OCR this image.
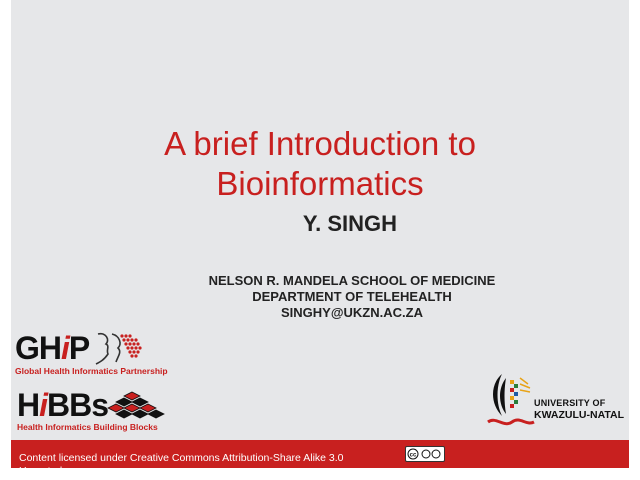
A brief Introduction to
Bioinformatics
Y. SINGH
NELSON R. MANDELA SCHOOL OF MEDICINE
DEPARTMENT OF TELEHEALTH
SINGHY@UKZN.AC.ZA
GHiP
Global Health Informatics Partnership
HiBBs
Health Informatics Building Blocks
UNIVERSITY OF
KWAZULU-NATAL
Content licensed under Creative Commons Attribution-Share Alike 3.0 Unported
cc
